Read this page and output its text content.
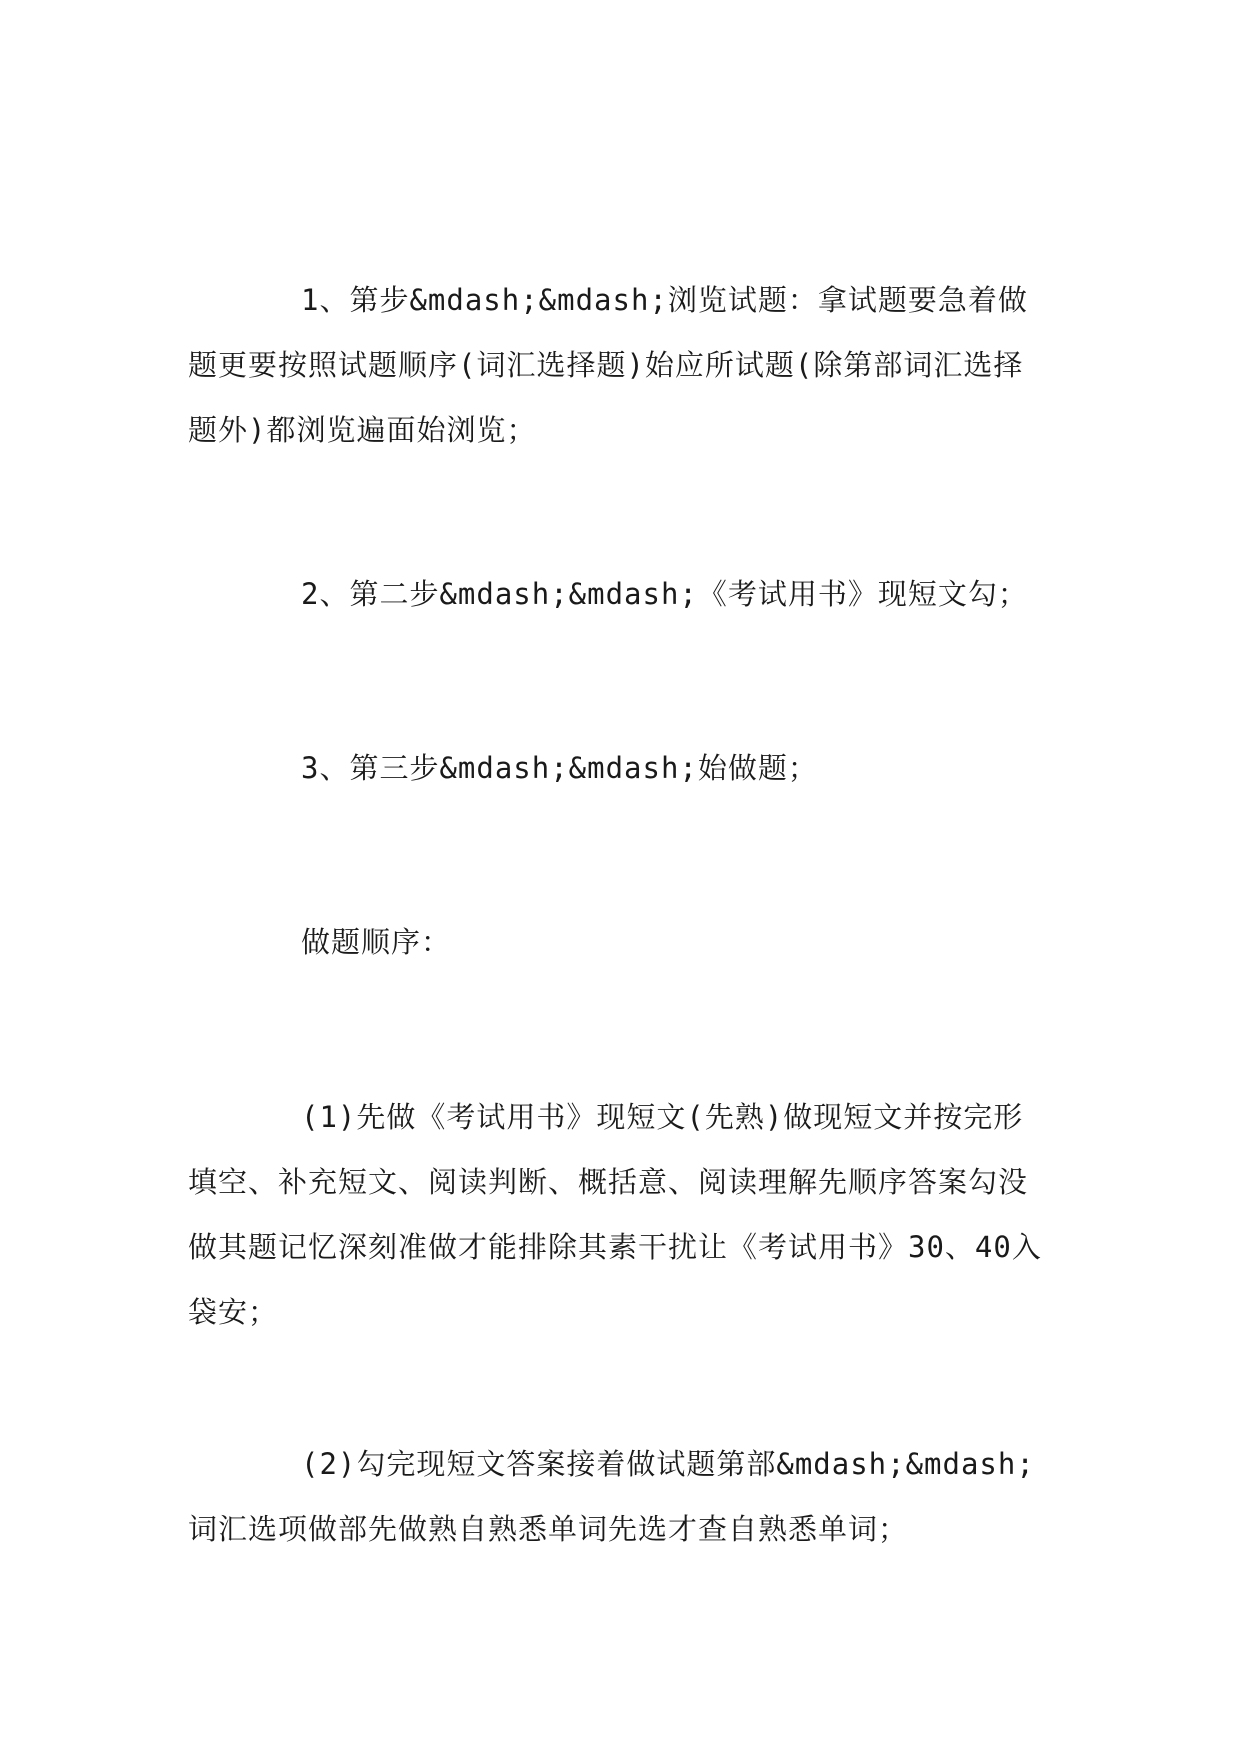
1、第步&mdash;&mdash;浏览试题：拿试题要急着做题更要按照试题顺序(词汇选择题)始应所试题(除第部词汇选择题外)都浏览遍面始浏览；

2、第二步&mdash;&mdash;《考试用书》现短文勾；

3、第三步&mdash;&mdash;始做题；

做题顺序：

(1)先做《考试用书》现短文(先熟)做现短文并按完形填空、补充短文、阅读判断、概括意、阅读理解先顺序答案勾没做其题记忆深刻准做才能排除其素干扰让《考试用书》30、40入袋安；

(2)勾完现短文答案接着做试题第部&mdash;&mdash;词汇选项做部先做熟自熟悉单词先选才查自熟悉单词；
